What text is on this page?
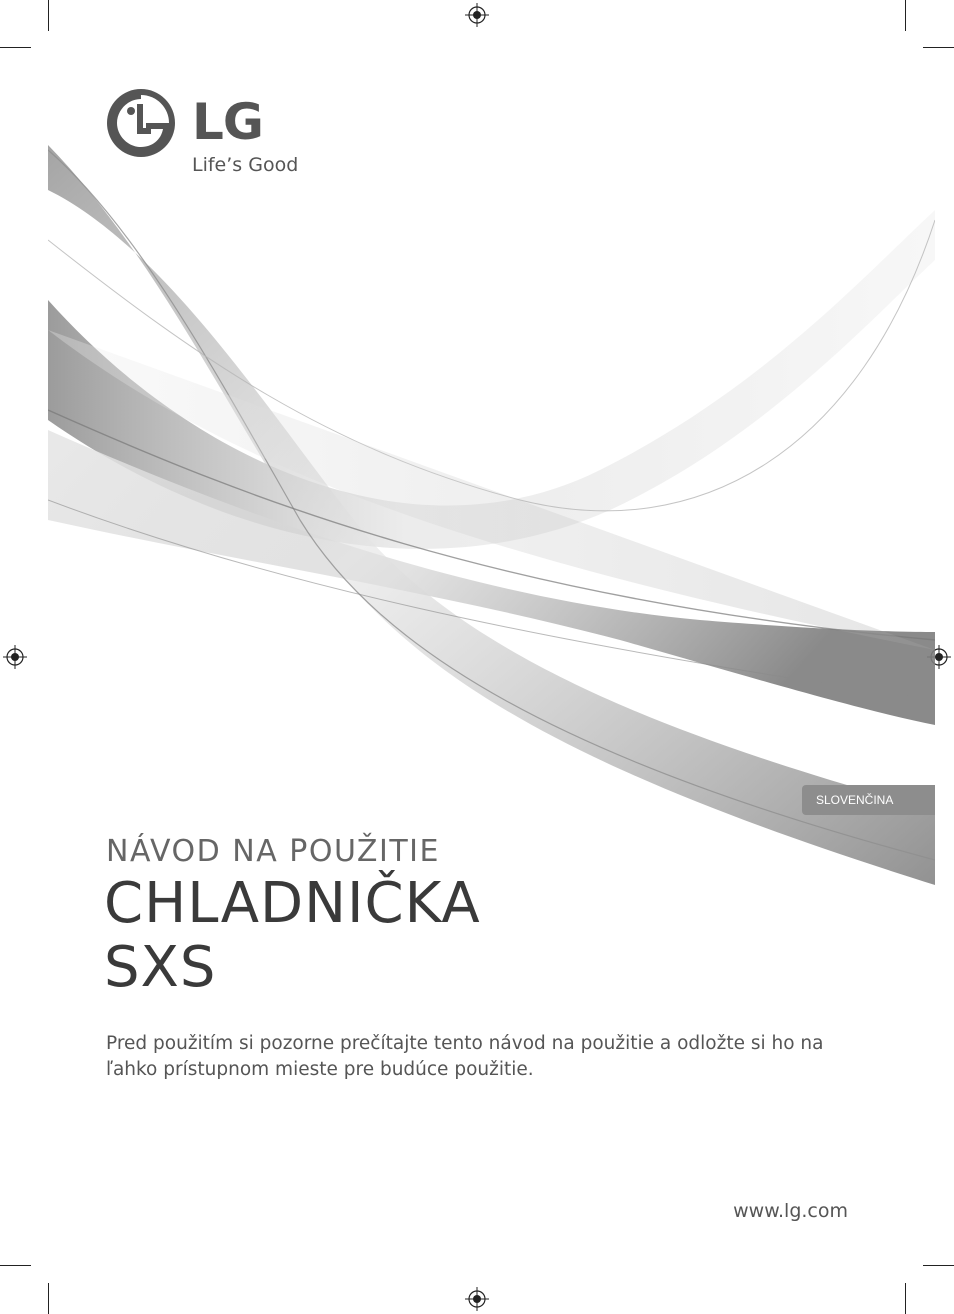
LG
Life’s Good
SLOVENČINA
NÁVOD NA POUŽITIE
CHLADNIČKA
SXS
Pred použitím si pozorne prečítajte tento návod na použitie a odložte si ho na ľahko prístupnom mieste pre budúce použitie.
www.lg.com
